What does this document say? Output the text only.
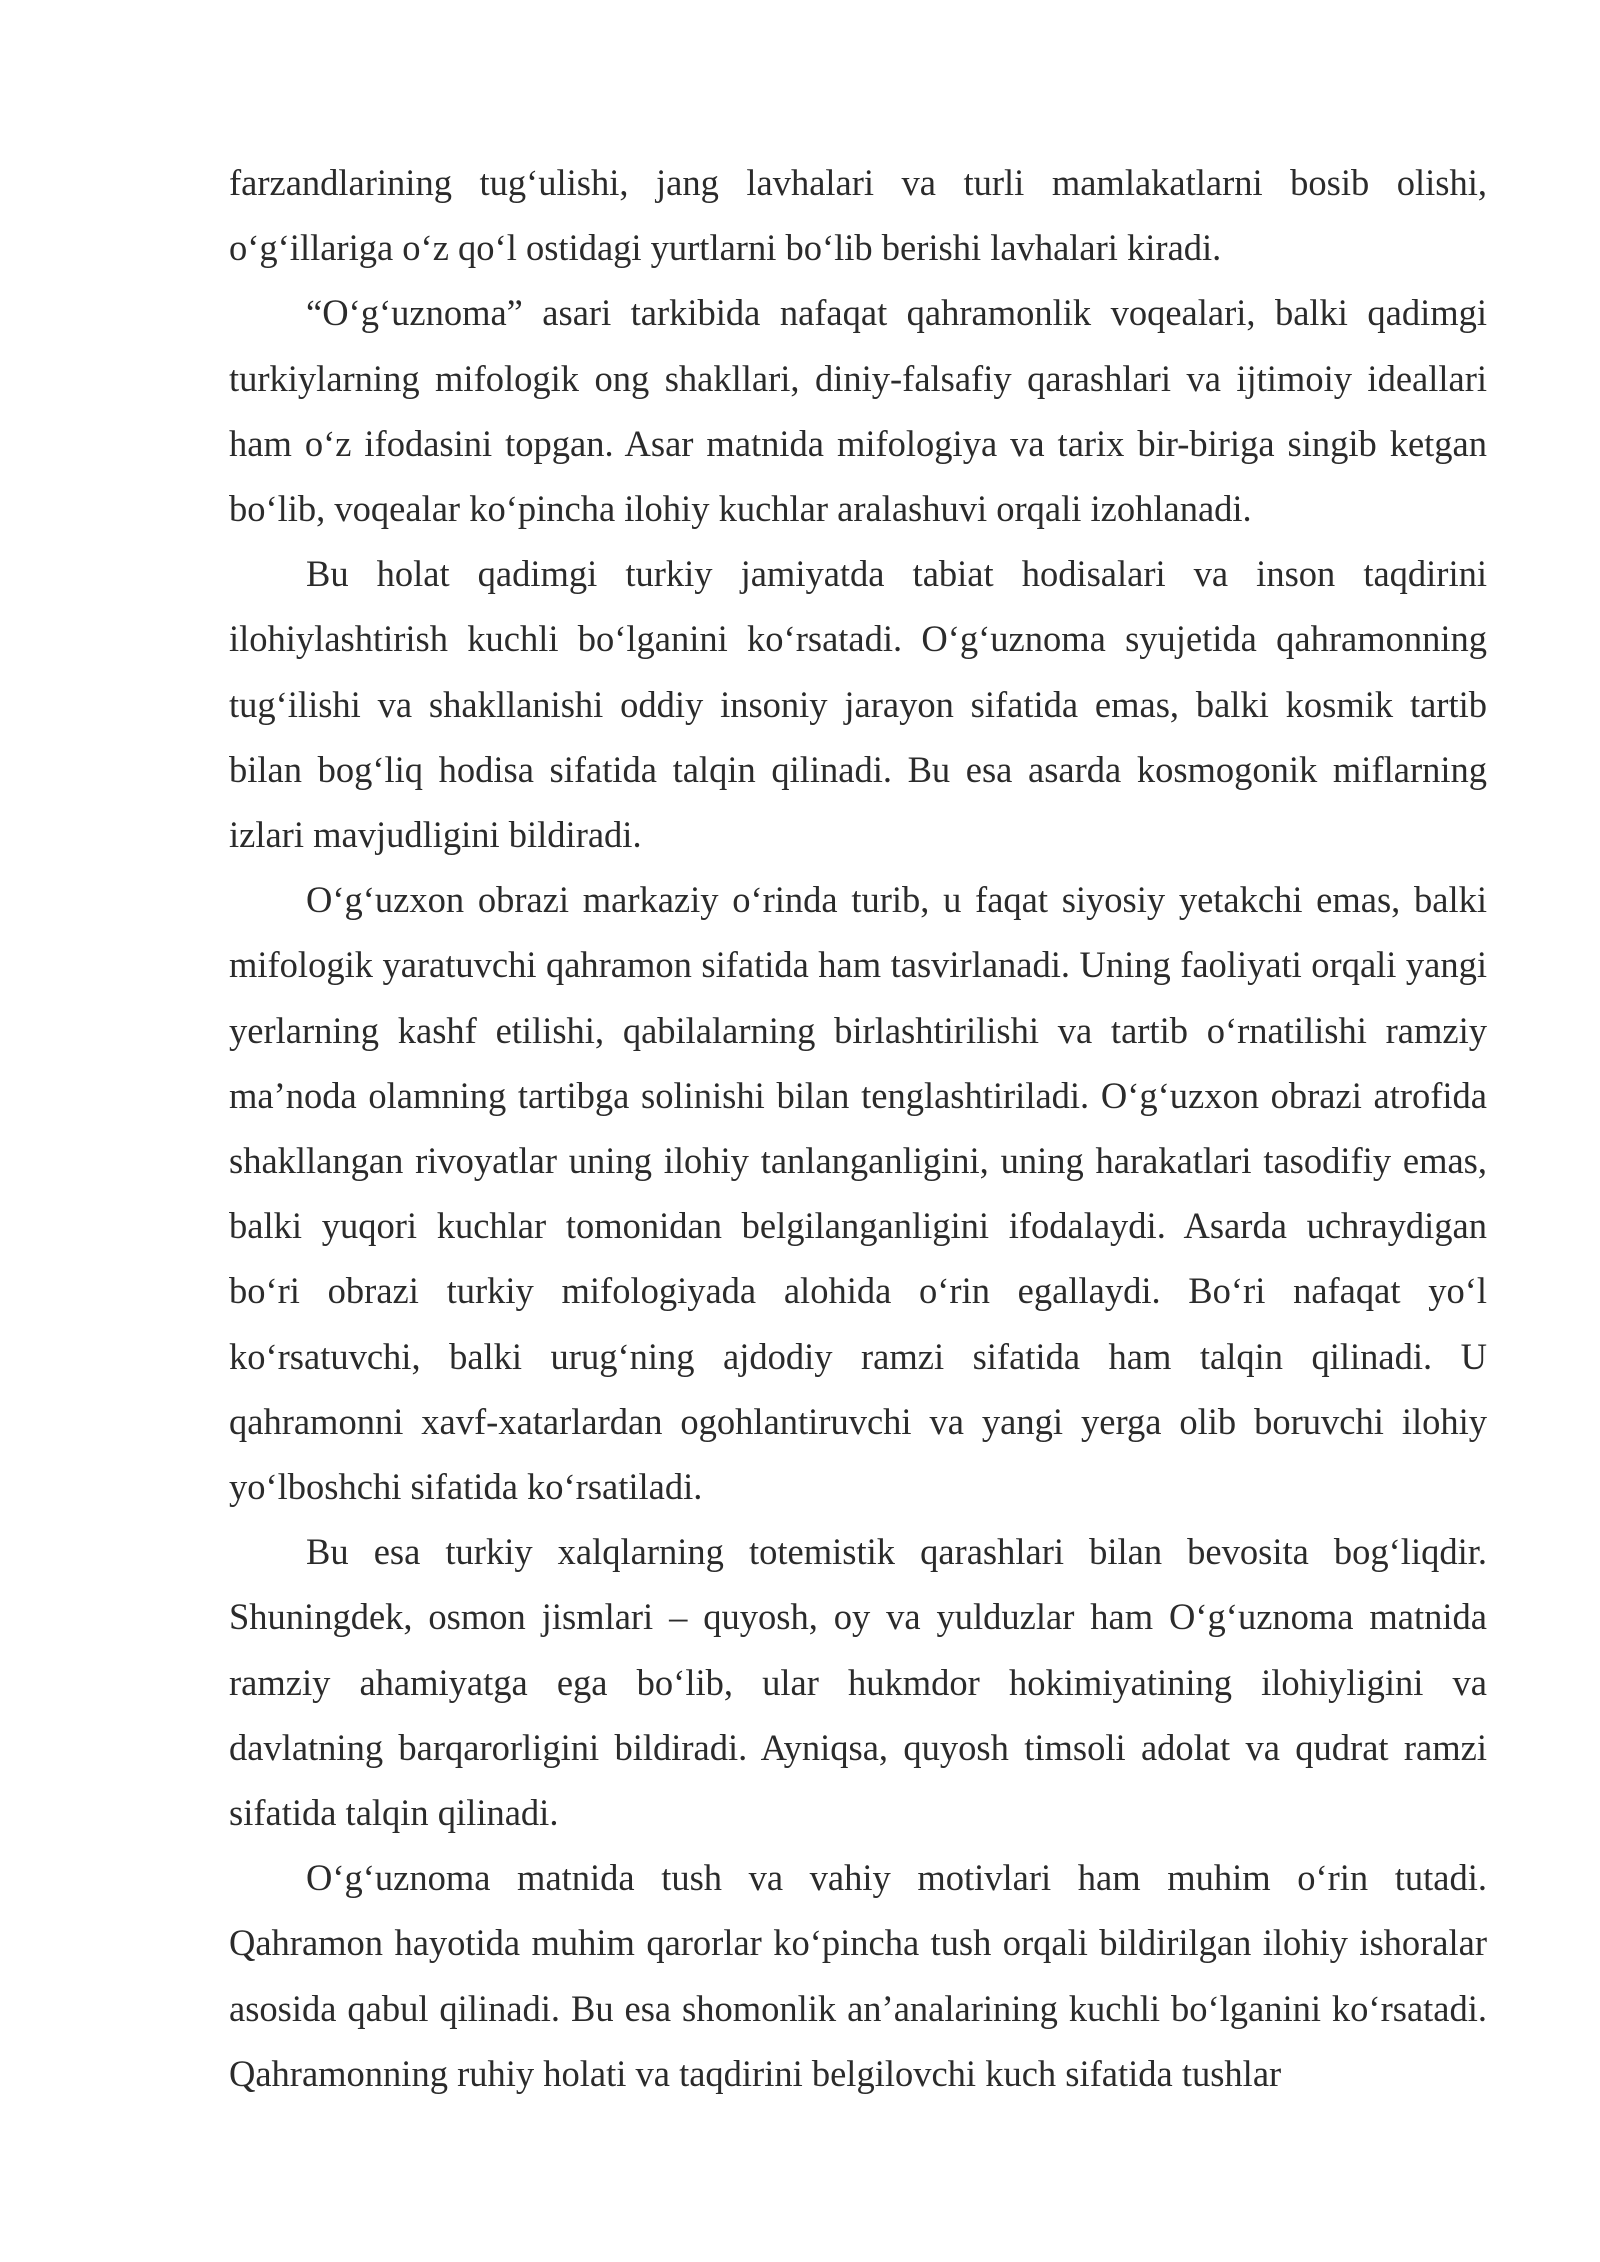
farzandlarining tug‘ulishi, jang lavhalari va turli mamlakatlarni bosib olishi, o‘g‘illariga o‘z qo‘l ostidagi yurtlarni bo‘lib berishi lavhalari kiradi.

“O‘g‘uznoma” asari tarkibida nafaqat qahramonlik voqealari, balki qadimgi turkiylarning mifologik ong shakllari, diniy-falsafiy qarashlari va ijtimoiy ideallari ham o‘z ifodasini topgan. Asar matnida mifologiya va tarix bir-biriga singib ketgan bo‘lib, voqealar ko‘pincha ilohiy kuchlar aralashuvi orqali izohlanadi.

Bu holat qadimgi turkiy jamiyatda tabiat hodisalari va inson taqdirini ilohiylashtirish kuchli bo‘lganini ko‘rsatadi. O‘g‘uznoma syujetida qahramonning tug‘ilishi va shakllanishi oddiy insoniy jarayon sifatida emas, balki kosmik tartib bilan bog‘liq hodisa sifatida talqin qilinadi. Bu esa asarda kosmogonik miflarning izlari mavjudligini bildiradi.

O‘g‘uzxon obrazi markaziy o‘rinda turib, u faqat siyosiy yetakchi emas, balki mifologik yaratuvchi qahramon sifatida ham tasvirlanadi. Uning faoliyati orqali yangi yerlarning kashf etilishi, qabilalarning birlashtirilishi va tartib o‘rnatilishi ramziy ma’noda olamning tartibga solinishi bilan tenglashtiriladi. O‘g‘uzxon obrazi atrofida shakllangan rivoyatlar uning ilohiy tanlanganligini, uning harakatlari tasodifiy emas, balki yuqori kuchlar tomonidan belgilanganligini ifodalaydi. Asarda uchraydigan bo‘ri obrazi turkiy mifologiyada alohida o‘rin egallaydi. Bo‘ri nafaqat yo‘l ko‘rsatuvchi, balki urug‘ning ajdodiy ramzi sifatida ham talqin qilinadi. U qahramonni xavf-xatarlardan ogohlantiruvchi va yangi yerga olib boruvchi ilohiy yo‘lboshchi sifatida ko‘rsatiladi.

Bu esa turkiy xalqlarning totemistik qarashlari bilan bevosita bog‘liqdir. Shuningdek, osmon jismlari – quyosh, oy va yulduzlar ham O‘g‘uznoma matnida ramziy ahamiyatga ega bo‘lib, ular hukmdor hokimiyatining ilohiyligini va davlatning barqarorligini bildiradi. Ayniqsa, quyosh timsoli adolat va qudrat ramzi sifatida talqin qilinadi.

O‘g‘uznoma matnida tush va vahiy motivlari ham muhim o‘rin tutadi. Qahramon hayotida muhim qarorlar ko‘pincha tush orqali bildirilgan ilohiy ishoralar asosida qabul qilinadi. Bu esa shomonlik an’analarining kuchli bo‘lganini ko‘rsatadi. Qahramonning ruhiy holati va taqdirini belgilovchi kuch sifatida tushlar
